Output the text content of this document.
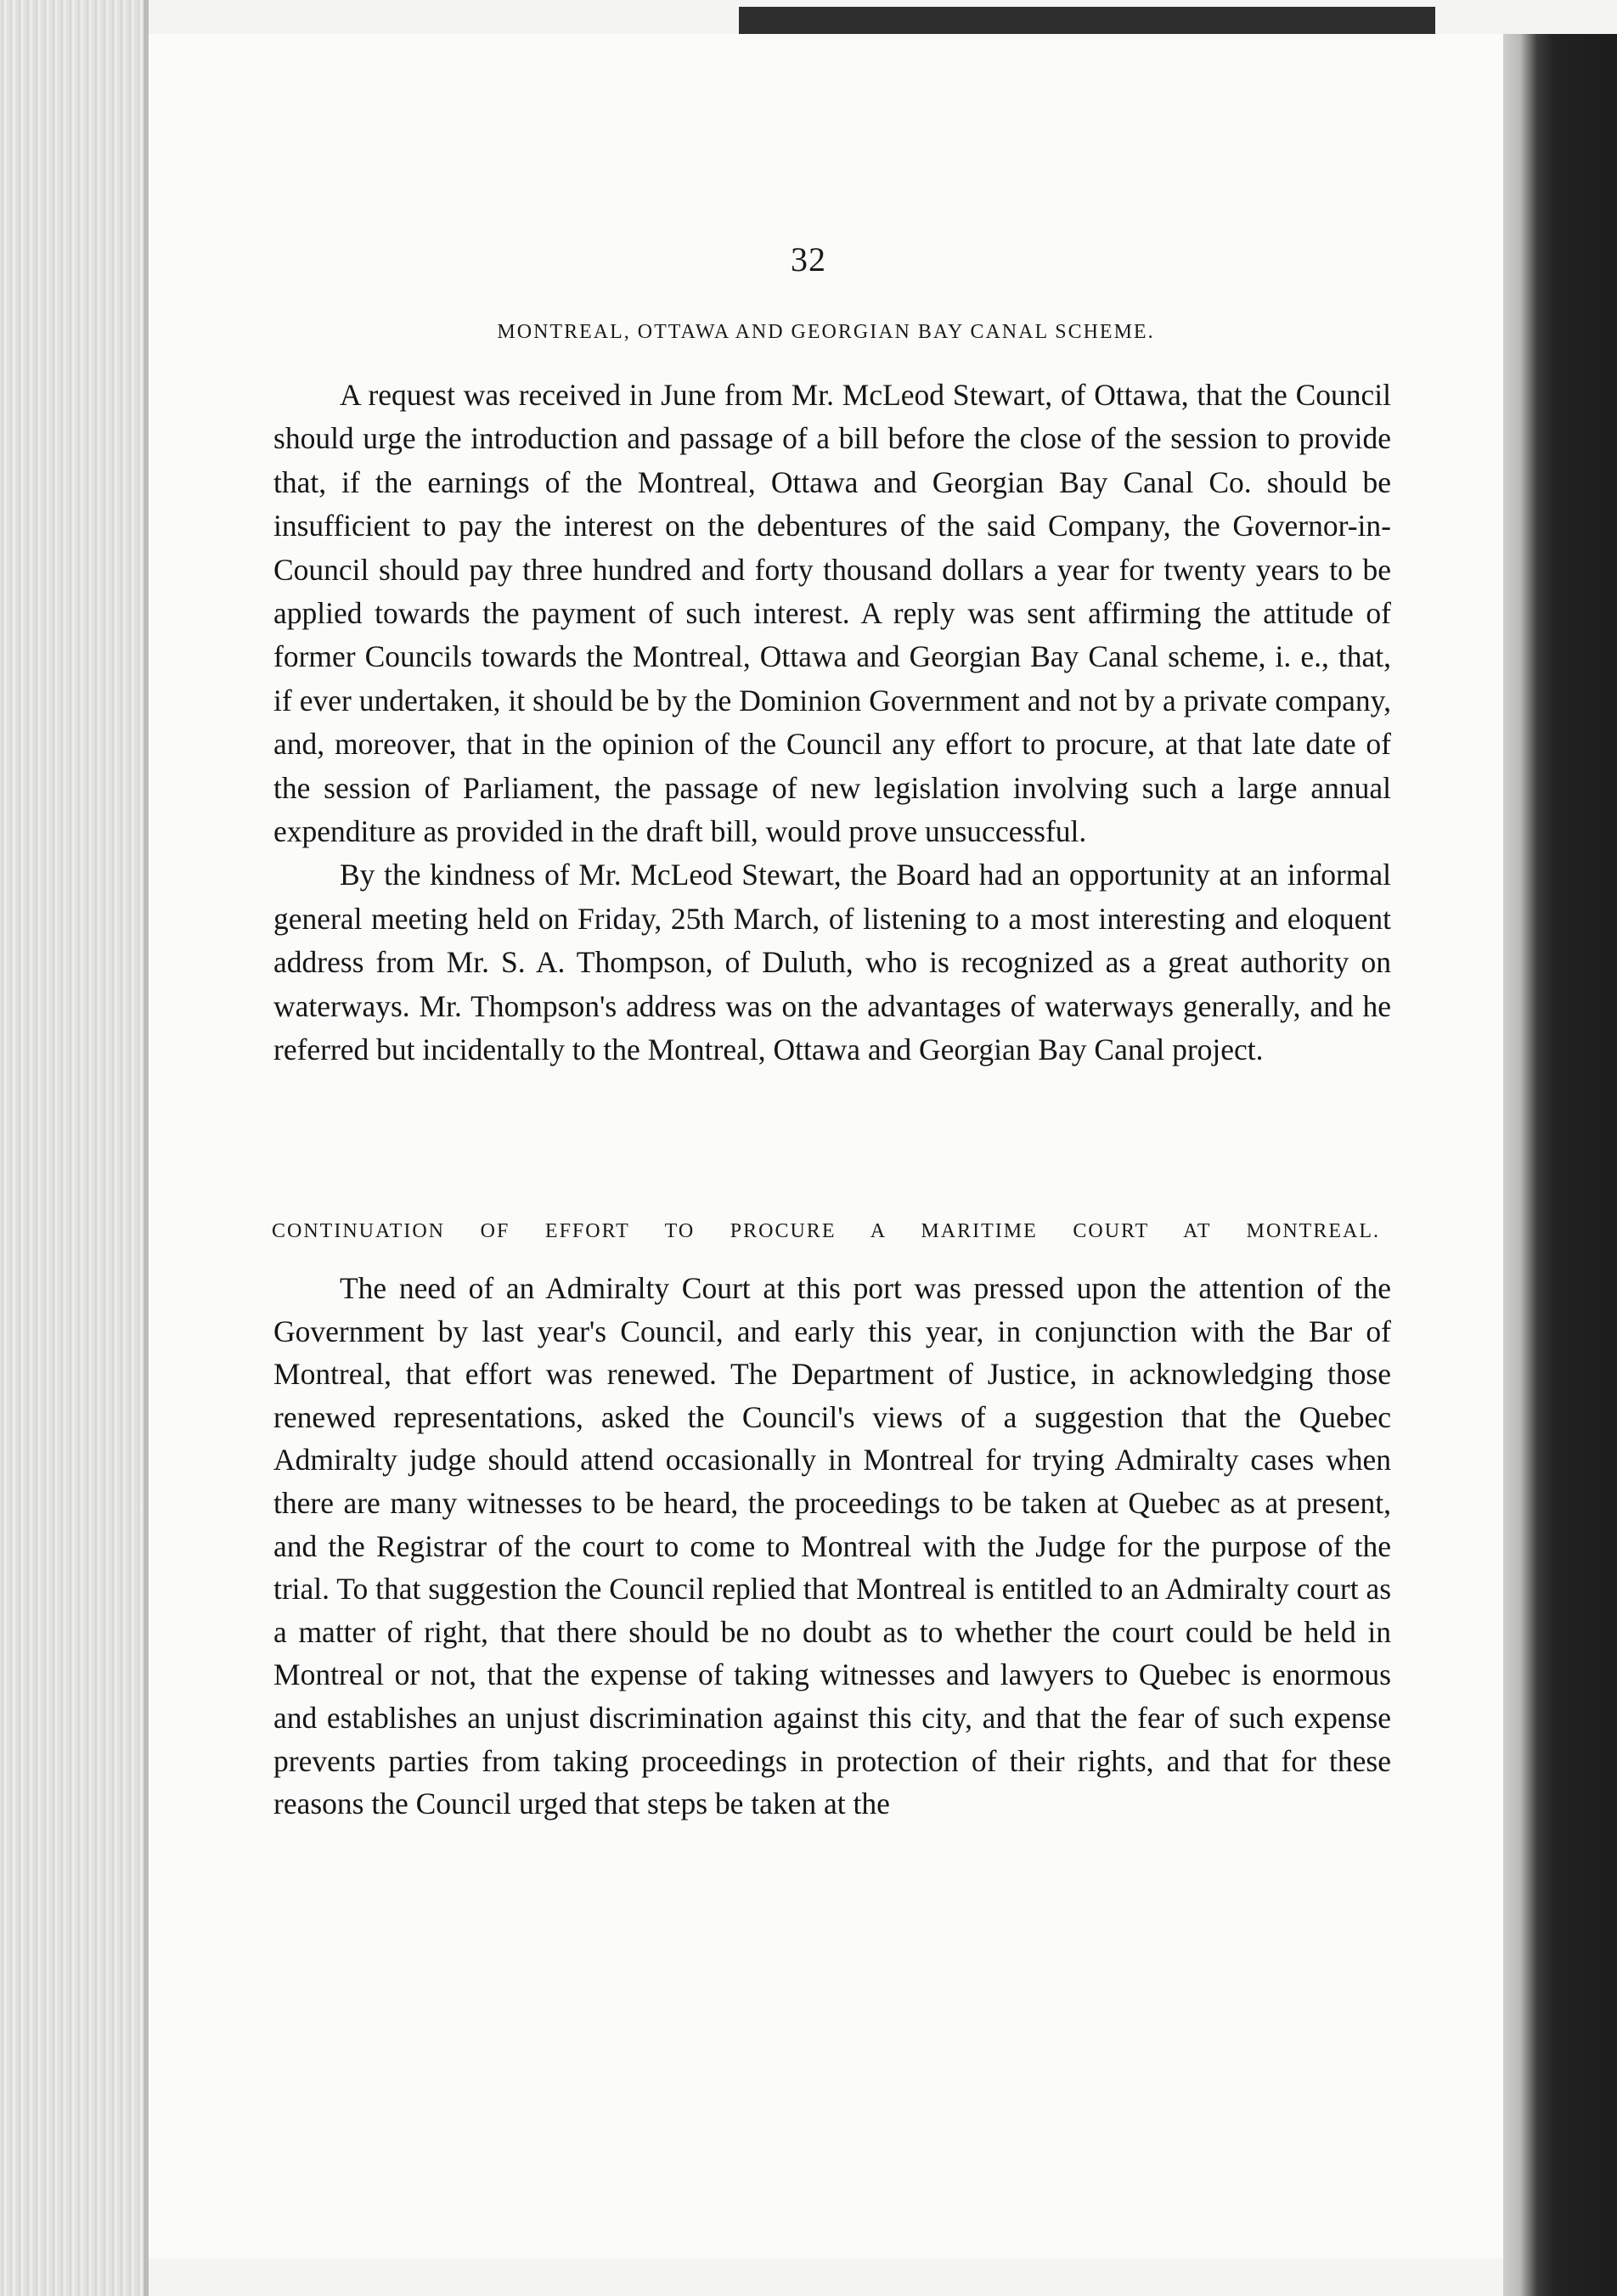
32
MONTREAL, OTTAWA AND GEORGIAN BAY CANAL SCHEME.

A request was received in June from Mr. McLeod Stewart, of Ottawa, that the Council should urge the introduction and passage of a bill before the close of the session to provide that, if the earnings of the Montreal, Ottawa and Georgian Bay Canal Co. should be insufficient to pay the interest on the debentures of the said Company, the Governor-in-Council should pay three hundred and forty thousand dollars a year for twenty years to be applied towards the payment of such interest. A reply was sent affirming the attitude of former Councils towards the Montreal, Ottawa and Georgian Bay Canal scheme, i. e., that, if ever undertaken, it should be by the Dominion Government and not by a private company, and, moreover, that in the opinion of the Council any effort to procure, at that late date of the session of Parliament, the passage of new legislation involving such a large annual expenditure as provided in the draft bill, would prove unsuccessful.

By the kindness of Mr. McLeod Stewart, the Board had an opportunity at an informal general meeting held on Friday, 25th March, of listening to a most interesting and eloquent address from Mr. S. A. Thompson, of Duluth, who is recognized as a great authority on waterways. Mr. Thompson's address was on the advantages of waterways generally, and he referred but incidentally to the Montreal, Ottawa and Georgian Bay Canal project.

CONTINUATION OF EFFORT TO PROCURE A MARITIME COURT AT MONTREAL.

The need of an Admiralty Court at this port was pressed upon the attention of the Government by last year's Council, and early this year, in conjunction with the Bar of Montreal, that effort was renewed. The Department of Justice, in acknowledging those renewed representations, asked the Council's views of a suggestion that the Quebec Admiralty judge should attend occasionally in Montreal for trying Admiralty cases when there are many witnesses to be heard, the proceedings to be taken at Quebec as at present, and the Registrar of the court to come to Montreal with the Judge for the purpose of the trial. To that suggestion the Council replied that Montreal is entitled to an Admiralty court as a matter of right, that there should be no doubt as to whether the court could be held in Montreal or not, that the expense of taking witnesses and lawyers to Quebec is enormous and establishes an unjust discrimination against this city, and that the fear of such expense prevents parties from taking proceedings in protection of their rights, and that for these reasons the Council urged that steps be taken at the
